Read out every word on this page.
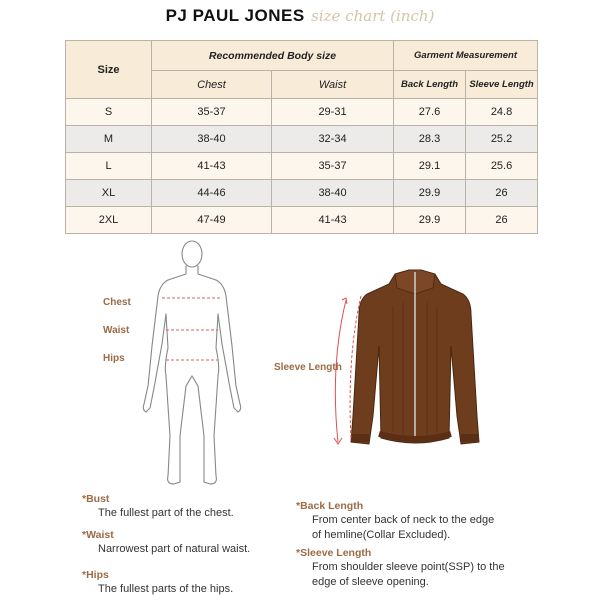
PJ PAUL JONES size chart (inch)
Size	Recommended Body size		Garment Measurement	
	Chest	Waist	Back Length	Sleeve Length
S	35-37	29-31	27.6	24.8
M	38-40	32-34	28.3	25.2
L	41-43	35-37	29.1	25.6
XL	44-46	38-40	29.9	26
2XL	47-49	41-43	29.9	26
Chest
Waist
Hips
Sleeve Length
*Bust
The fullest part of the chest.
*Waist
Narrowest part of natural waist.
*Hips
The fullest parts of the hips.
*Back Length
From center back of neck to the edge
of hemline(Collar Excluded).
*Sleeve Length
From shoulder sleeve point(SSP) to the
edge of sleeve opening.
